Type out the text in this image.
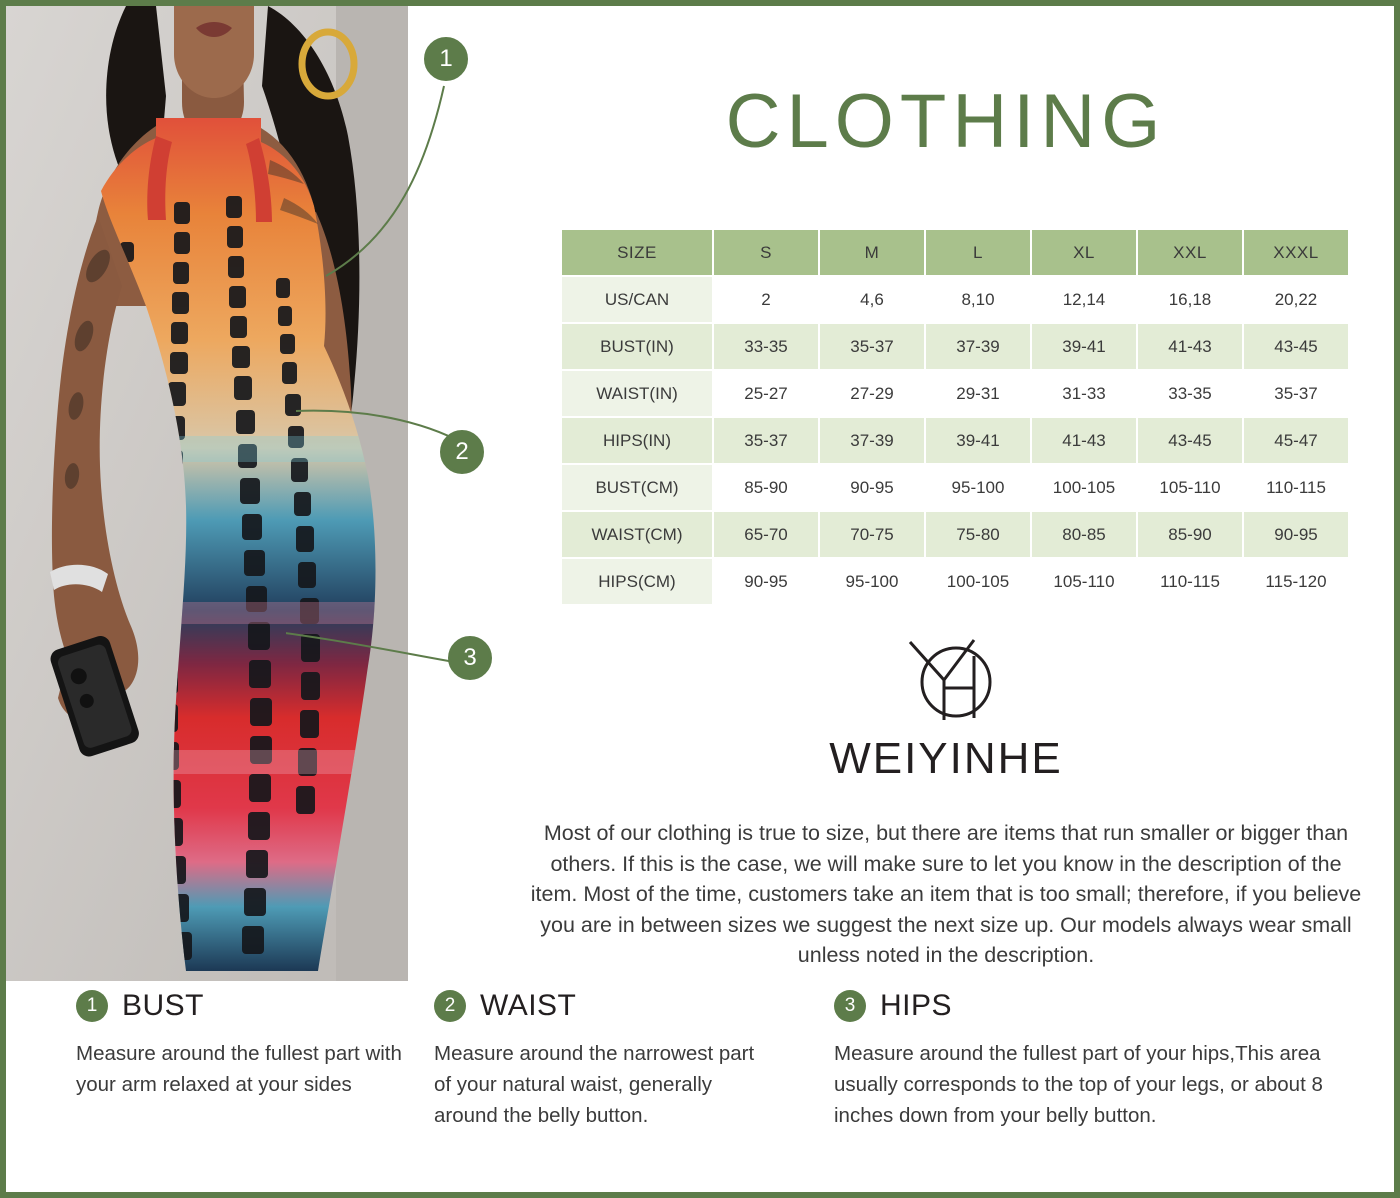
1
2
3
CLOTHING
SIZE	S	M	L	XL	XXL	XXXL
US/CAN	2	4,6	8,10	12,14	16,18	20,22
BUST(IN)	33-35	35-37	37-39	39-41	41-43	43-45
WAIST(IN)	25-27	27-29	29-31	31-33	33-35	35-37
HIPS(IN)	35-37	37-39	39-41	41-43	43-45	45-47
BUST(CM)	85-90	90-95	95-100	100-105	105-110	110-115
WAIST(CM)	65-70	70-75	75-80	80-85	85-90	90-95
HIPS(CM)	90-95	95-100	100-105	105-110	110-115	115-120
WEIYINHE
Most of our clothing is true to size, but there are items that run smaller or bigger than others. If this is the case, we will make sure to let you know in the description of the item. Most of the time, customers take an item that is too small; therefore, if you believe you are in between sizes we suggest the next size up. Our models always wear small unless noted in the description.
1 BUST
Measure around the fullest part with your arm relaxed at your sides
2 WAIST
Measure around the narrowest part of your natural waist, generally around the belly button.
3 HIPS
Measure around the fullest part of your hips,This area usually corresponds to the top of your legs, or about 8 inches down from your belly button.
